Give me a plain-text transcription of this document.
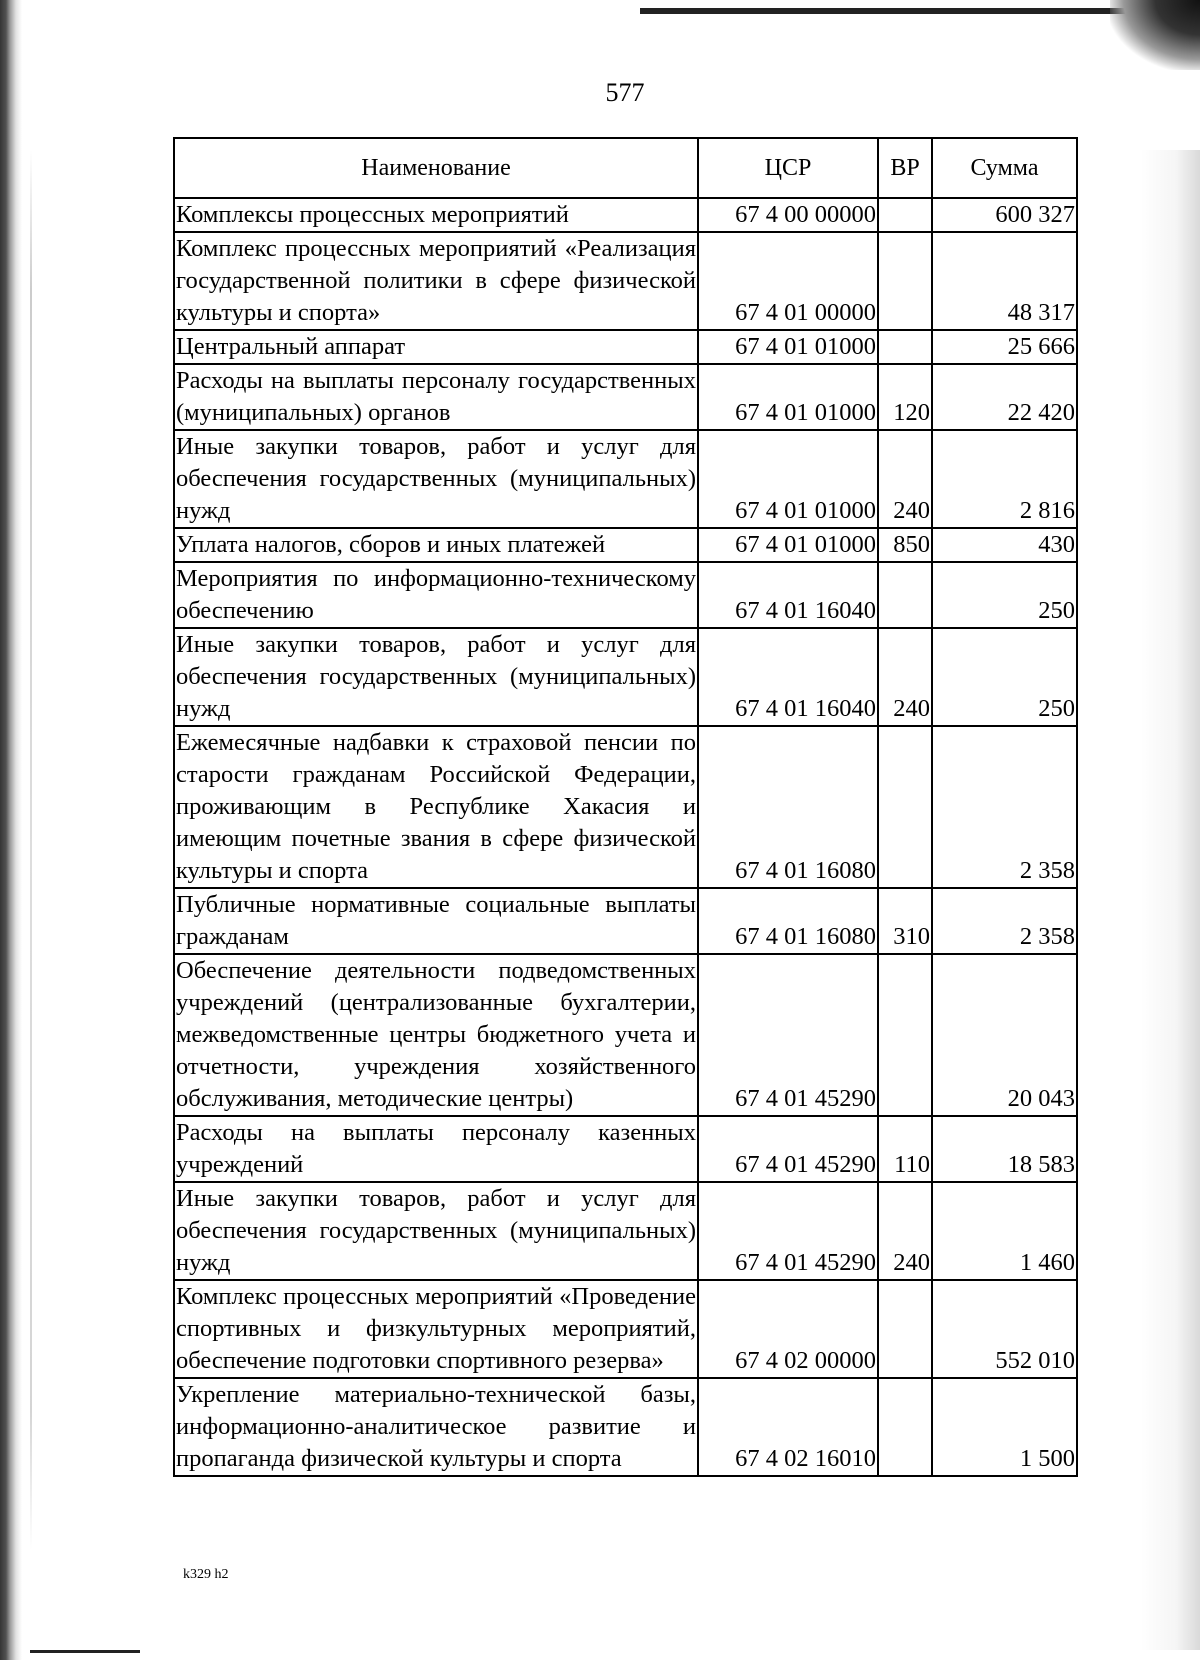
577
Наименование	ЦСР	ВР	Сумма
Комплексы процессных мероприятий	67 4 00 00000		600 327
Комплекс процессных мероприятий «Реализация государственной политики в сфере физической культуры и спорта»	67 4 01 00000		48 317
Центральный аппарат	67 4 01 01000		25 666
Расходы на выплаты персоналу государственных (муниципальных) органов	67 4 01 01000	120	22 420
Иные закупки товаров, работ и услуг для обеспечения государственных (муниципальных) нужд	67 4 01 01000	240	2 816
Уплата налогов, сборов и иных платежей	67 4 01 01000	850	430
Мероприятия по информационно-техническому обеспечению	67 4 01 16040		250
Иные закупки товаров, работ и услуг для обеспечения государственных (муниципальных) нужд	67 4 01 16040	240	250
Ежемесячные надбавки к страховой пенсии по старости гражданам Российской Федерации, проживающим в Республике Хакасия и имеющим почетные звания в сфере физической культуры и спорта	67 4 01 16080		2 358
Публичные нормативные социальные выплаты гражданам	67 4 01 16080	310	2 358
Обеспечение деятельности подведомственных учреждений (централизованные бухгалтерии, межведомственные центры бюджетного учета и отчетности, учреждения хозяйственного обслуживания, методические центры)	67 4 01 45290		20 043
Расходы на выплаты персоналу казенных учреждений	67 4 01 45290	110	18 583
Иные закупки товаров, работ и услуг для обеспечения государственных (муниципальных) нужд	67 4 01 45290	240	1 460
Комплекс процессных мероприятий «Проведение спортивных и физкультурных мероприятий, обеспечение подготовки спортивного резерва»	67 4 02 00000		552 010
Укрепление материально-технической базы, информационно-аналитическое развитие и пропаганда физической культуры и спорта	67 4 02 16010		1 500
k329 h2
